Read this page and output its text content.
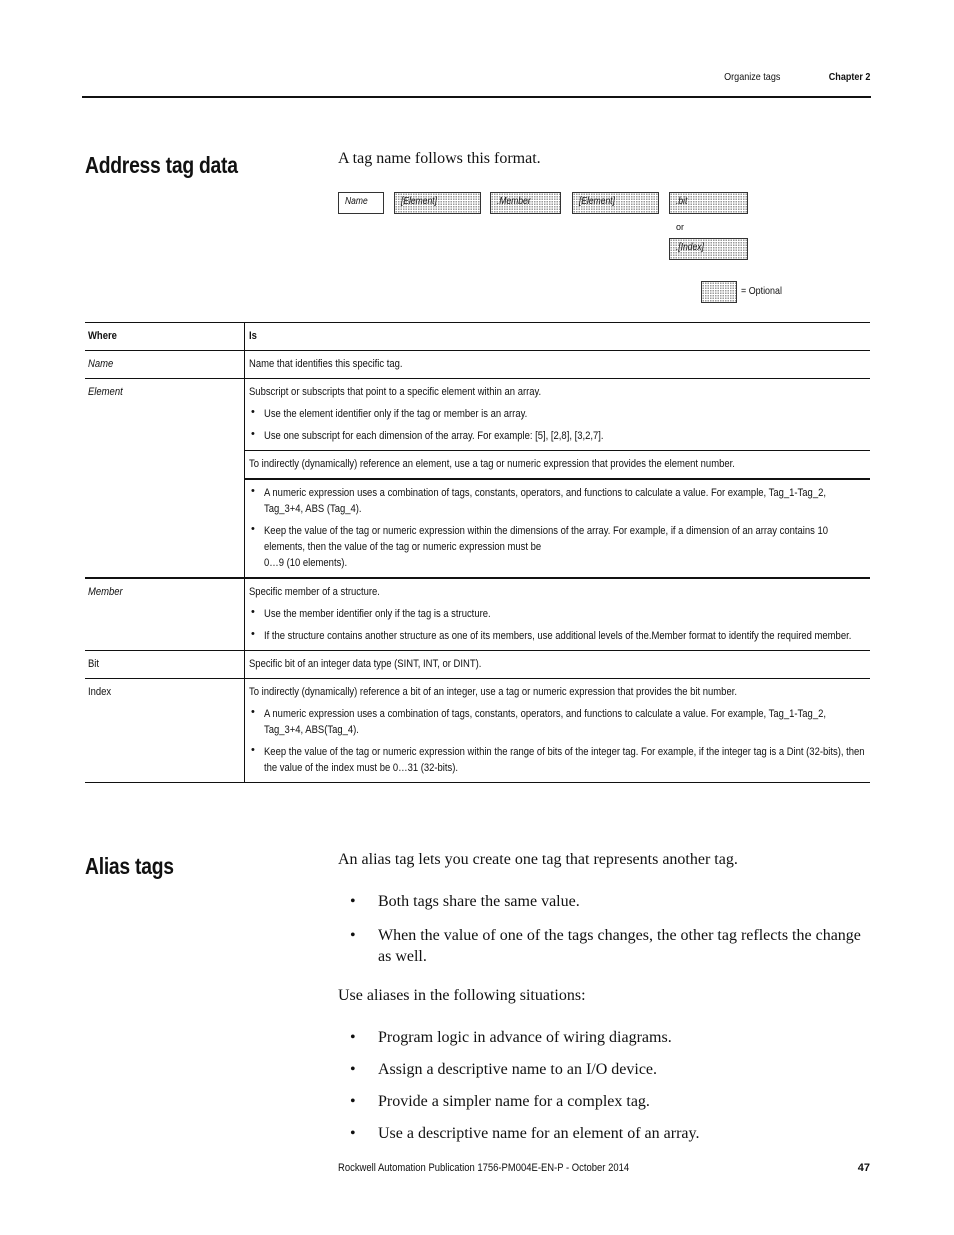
Organize tags	Chapter 2
Address tag data	A tag name follows this format.
Name	[Element]	.Member	[Element]	.bit
or
.[Index]
= Optional
Where	Is
Name	Name that identifies this specific tag.
Element	Subscript or subscripts that point to a specific element within an array.
• Use the element identifier only if the tag or member is an array.
• Use one subscript for each dimension of the array. For example: [5], [2,8], [3,2,7].
To indirectly (dynamically) reference an element, use a tag or numeric expression that provides the element number.
• A numeric expression uses a combination of tags, constants, operators, and functions to calculate a value. For example, Tag_1-Tag_2, Tag_3+4, ABS (Tag_4).
• Keep the value of the tag or numeric expression within the dimensions of the array. For example, if a dimension of an array contains 10 elements, then the value of the tag or numeric expression must be
0…9 (10 elements).
Member	Specific member of a structure.
• Use the member identifier only if the tag is a structure.
• If the structure contains another structure as one of its members, use additional levels of the.Member format to identify the required member.
Bit	Specific bit of an integer data type (SINT, INT, or DINT).
Index	To indirectly (dynamically) reference a bit of an integer, use a tag or numeric expression that provides the bit number.
• A numeric expression uses a combination of tags, constants, operators, and functions to calculate a value. For example, Tag_1-Tag_2, Tag_3+4, ABS(Tag_4).
• Keep the value of the tag or numeric expression within the range of bits of the integer tag. For example, if the integer tag is a Dint (32-bits), then the value of the index must be 0…31 (32-bits).
Alias tags	An alias tag lets you create one tag that represents another tag.
• Both tags share the same value.
• When the value of one of the tags changes, the other tag reflects the change as well.
Use aliases in the following situations:
• Program logic in advance of wiring diagrams.
• Assign a descriptive name to an I/O device.
• Provide a simpler name for a complex tag.
• Use a descriptive name for an element of an array.
Rockwell Automation Publication 1756-PM004E-EN-P - October 2014	47
